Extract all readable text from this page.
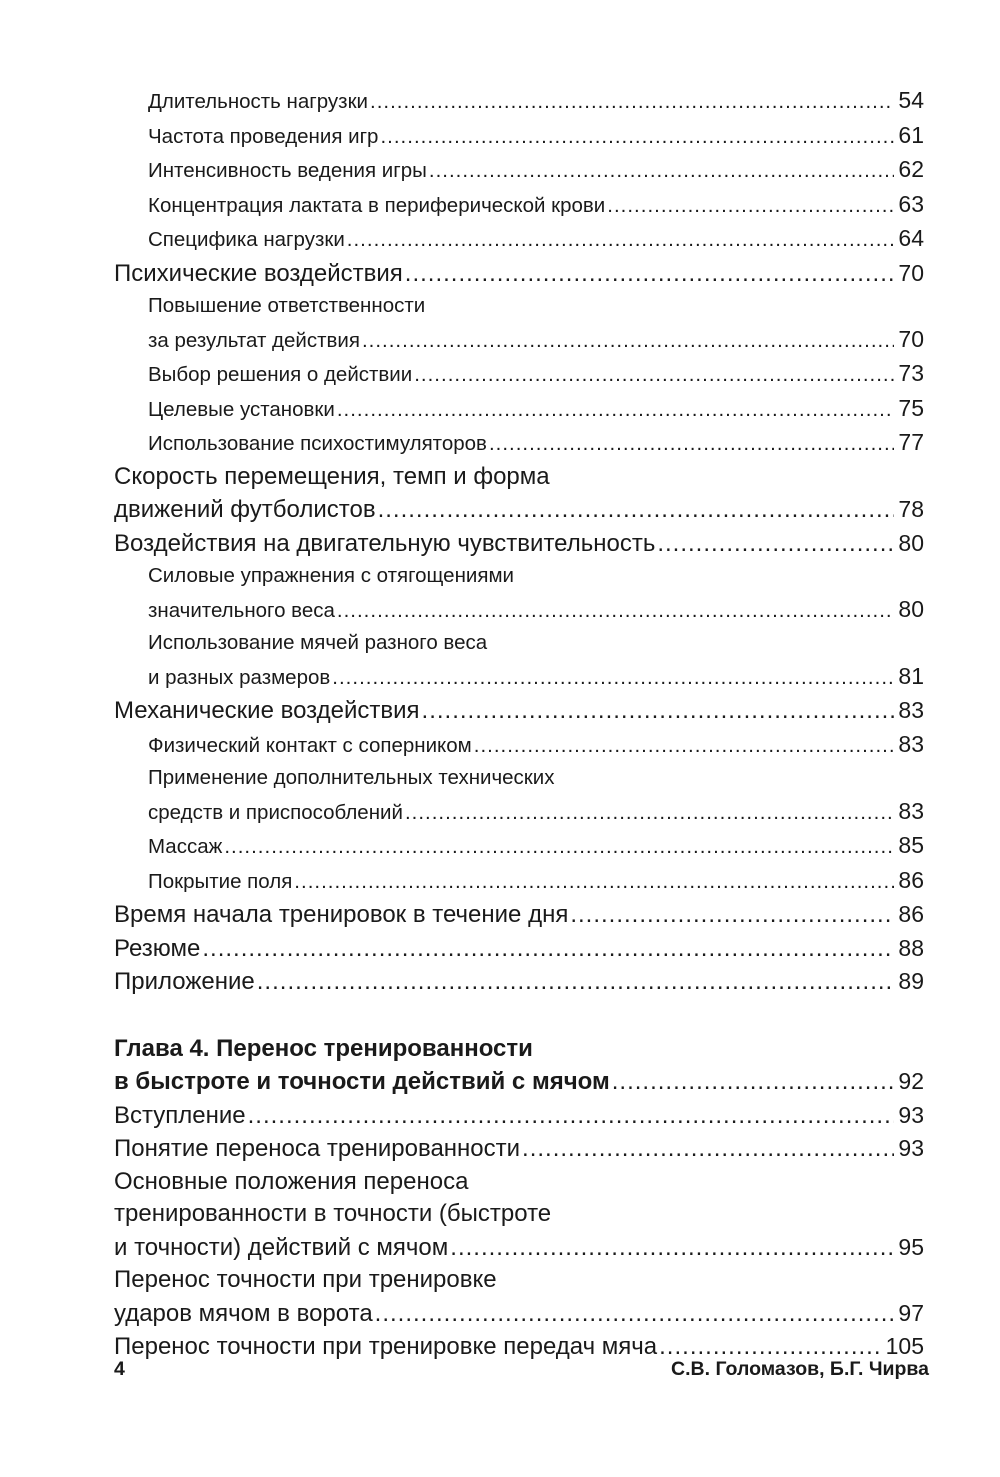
Длительность нагрузки .....	54
Частота проведения игр .....	61
Интенсивность ведения игры .....	62
Концентрация лактата в периферической крови .....	63
Специфика нагрузки .....	64
Психические воздействия .....	70
Повышение ответственности
за результат действия .....	70
Выбор решения о действии .....	73
Целевые установки .....	75
Использование психостимуляторов .....	77
Скорость перемещения, темп и форма
движений футболистов .....	78
Воздействия на двигательную чувствительность .....	80
Силовые упражнения с отягощениями
значительного веса .....	80
Использование мячей разного веса
и разных размеров .....	81
Механические воздействия .....	83
Физический контакт с соперником .....	83
Применение дополнительных технических
средств и приспособлений .....	83
Массаж .....	85
Покрытие поля .....	86
Время начала тренировок в течение дня .....	86
Резюме .....	88
Приложение .....	89
Глава 4. Перенос тренированности
в быстроте и точности действий с мячом .....	92
Вступление .....	93
Понятие переноса тренированности .....	93
Основные положения переноса
тренированности в точности (быстроте
и точности) действий с мячом .....	95
Перенос точности при тренировке
ударов мячом в ворота .....	97
Перенос точности при тренировке передач мяча .....	105
4	С.В. Голомазов, Б.Г. Чирва
